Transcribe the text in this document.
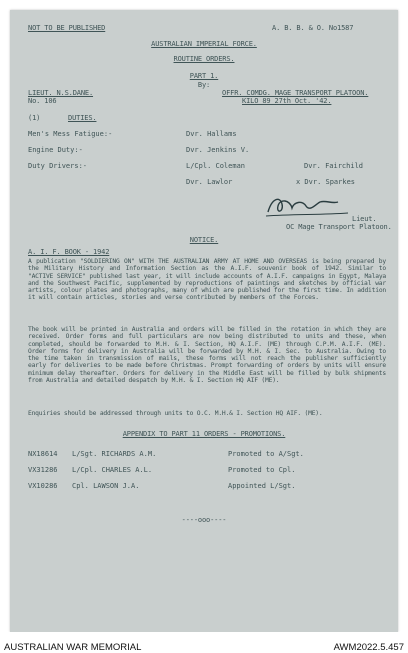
NOT TO BE PUBLISHED	A. B. B. & O. No1587
AUSTRALIAN IMPERIAL FORCE.
ROUTINE ORDERS.
PART 1.
By:
LIEUT. N.S.DANE.
No. 106
OFFR. COMDG. MAGE TRANSPORT PLATOON.
KILO 89 27th Oct. '42.
(1)	DUTIES.
Men's Mess Fatigue:-	Dvr. Hallams
Engine Duty:-	Dvr. Jenkins V.
Duty Drivers:-	L/Cpl. Coleman	Dvr. Fairchild
Dvr. Lawlor	x Dvr. Sparkes
Lieut.
OC Mage Transport Platoon.
NOTICE.
A. I. F. BOOK - 1942
A publication "SOLDIERING ON" WITH THE AUSTRALIAN ARMY AT HOME AND OVERSEAS is being prepared by the Military History and Information Section as the A.I.F. souvenir book of 1942. Similar to "ACTIVE SERVICE" published last year, it will include accounts of A.I.F. campaigns in Egypt, Malaya and the Southwest Pacific, supplemented by reproductions of paintings and sketches by official war artists, colour plates and photographs, many of which are published for the first time. In addition it will contain articles, stories and verse contributed by members of the Forces.
The book will be printed in Australia and orders will be filled in the rotation in which they are received. Order forms and full particulars are now being distributed to units and these, when completed, should be forwarded to M.H. & I. Section, HQ A.I.F. (ME) through C.P.M. A.I.F. (ME). Order forms for delivery in Australia will be forwarded by M.H. & I. Sec. to Australia. Owing to the time taken in transmission of mails, these forms will not reach the publisher sufficiently early for deliveries to be made before Christmas. Prompt forwarding of orders by units will ensure minimum delay thereafter. Orders for delivery in the Middle East will be filled by bulk shipments from Australia and detailed despatch by M.H. & I. Section HQ AIF (ME).
Enquiries should be addressed through units to O.C. M.H.& I. Section HQ AIF. (ME).
APPENDIX TO PART 11 ORDERS - PROMOTIONS.
NX18614 L/Sgt. RICHARDS A.M.	Promoted to A/Sgt.
VX31286 L/Cpl. CHARLES A.L.	Promoted to Cpl.
VX10286 Cpl. LAWSON J.A.	Appointed L/Sgt.
----ooo----
AUSTRALIAN WAR MEMORIAL	AWM2022.5.457
